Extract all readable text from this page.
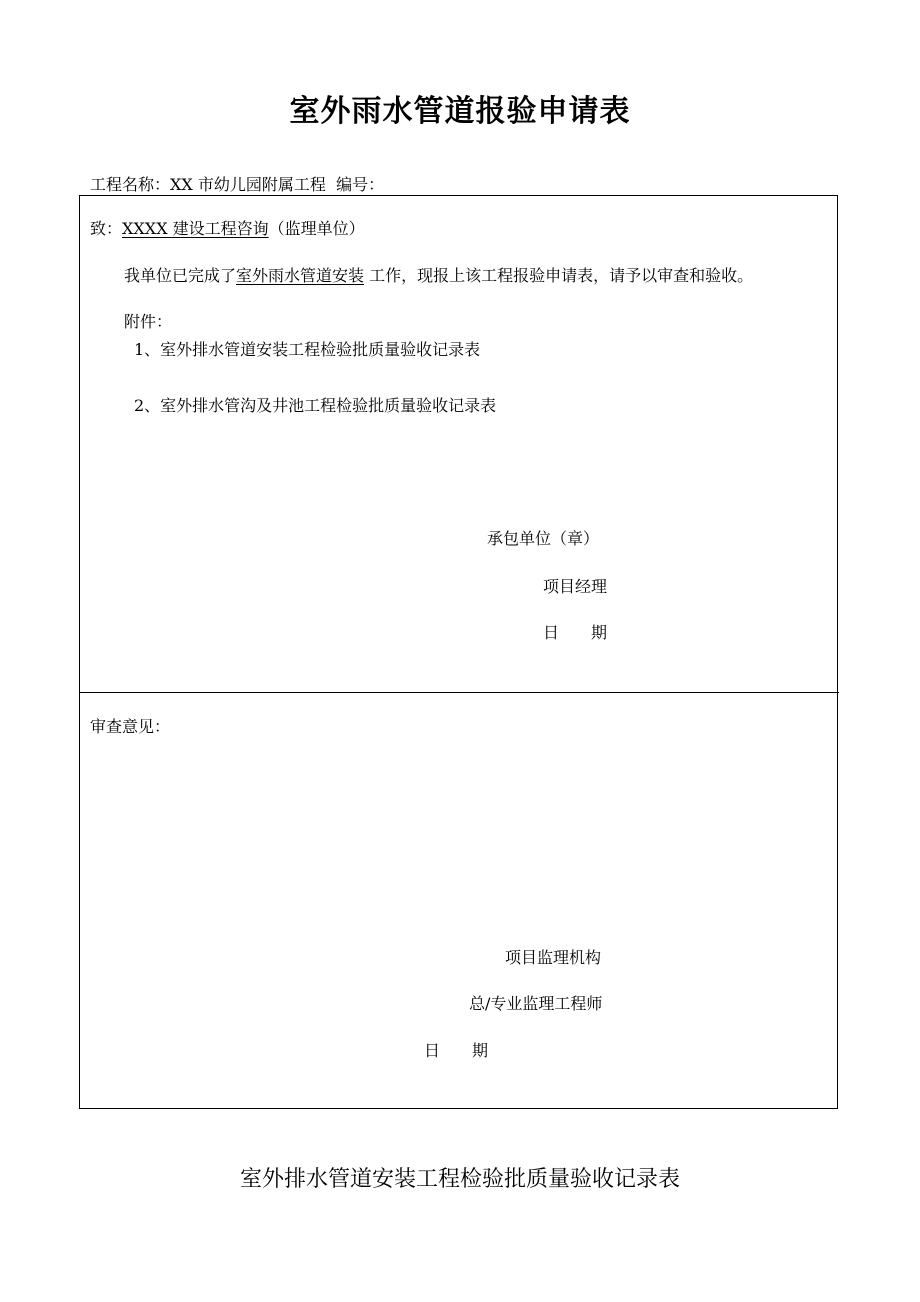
室外雨水管道报验申请表
工程名称：XX 市幼儿园附属工程 编号：
致：XXXX 建设工程咨询（监理单位）
我单位已完成了室外雨水管道安装 工作，现报上该工程报验申请表，请予以审查和验收。
附件：
1、室外排水管道安装工程检验批质量验收记录表
2、室外排水管沟及井池工程检验批质量验收记录表
承包单位（章）
项目经理
日　　期
审查意见：
项目监理机构
总/专业监理工程师
日　　期
室外排水管道安装工程检验批质量验收记录表
